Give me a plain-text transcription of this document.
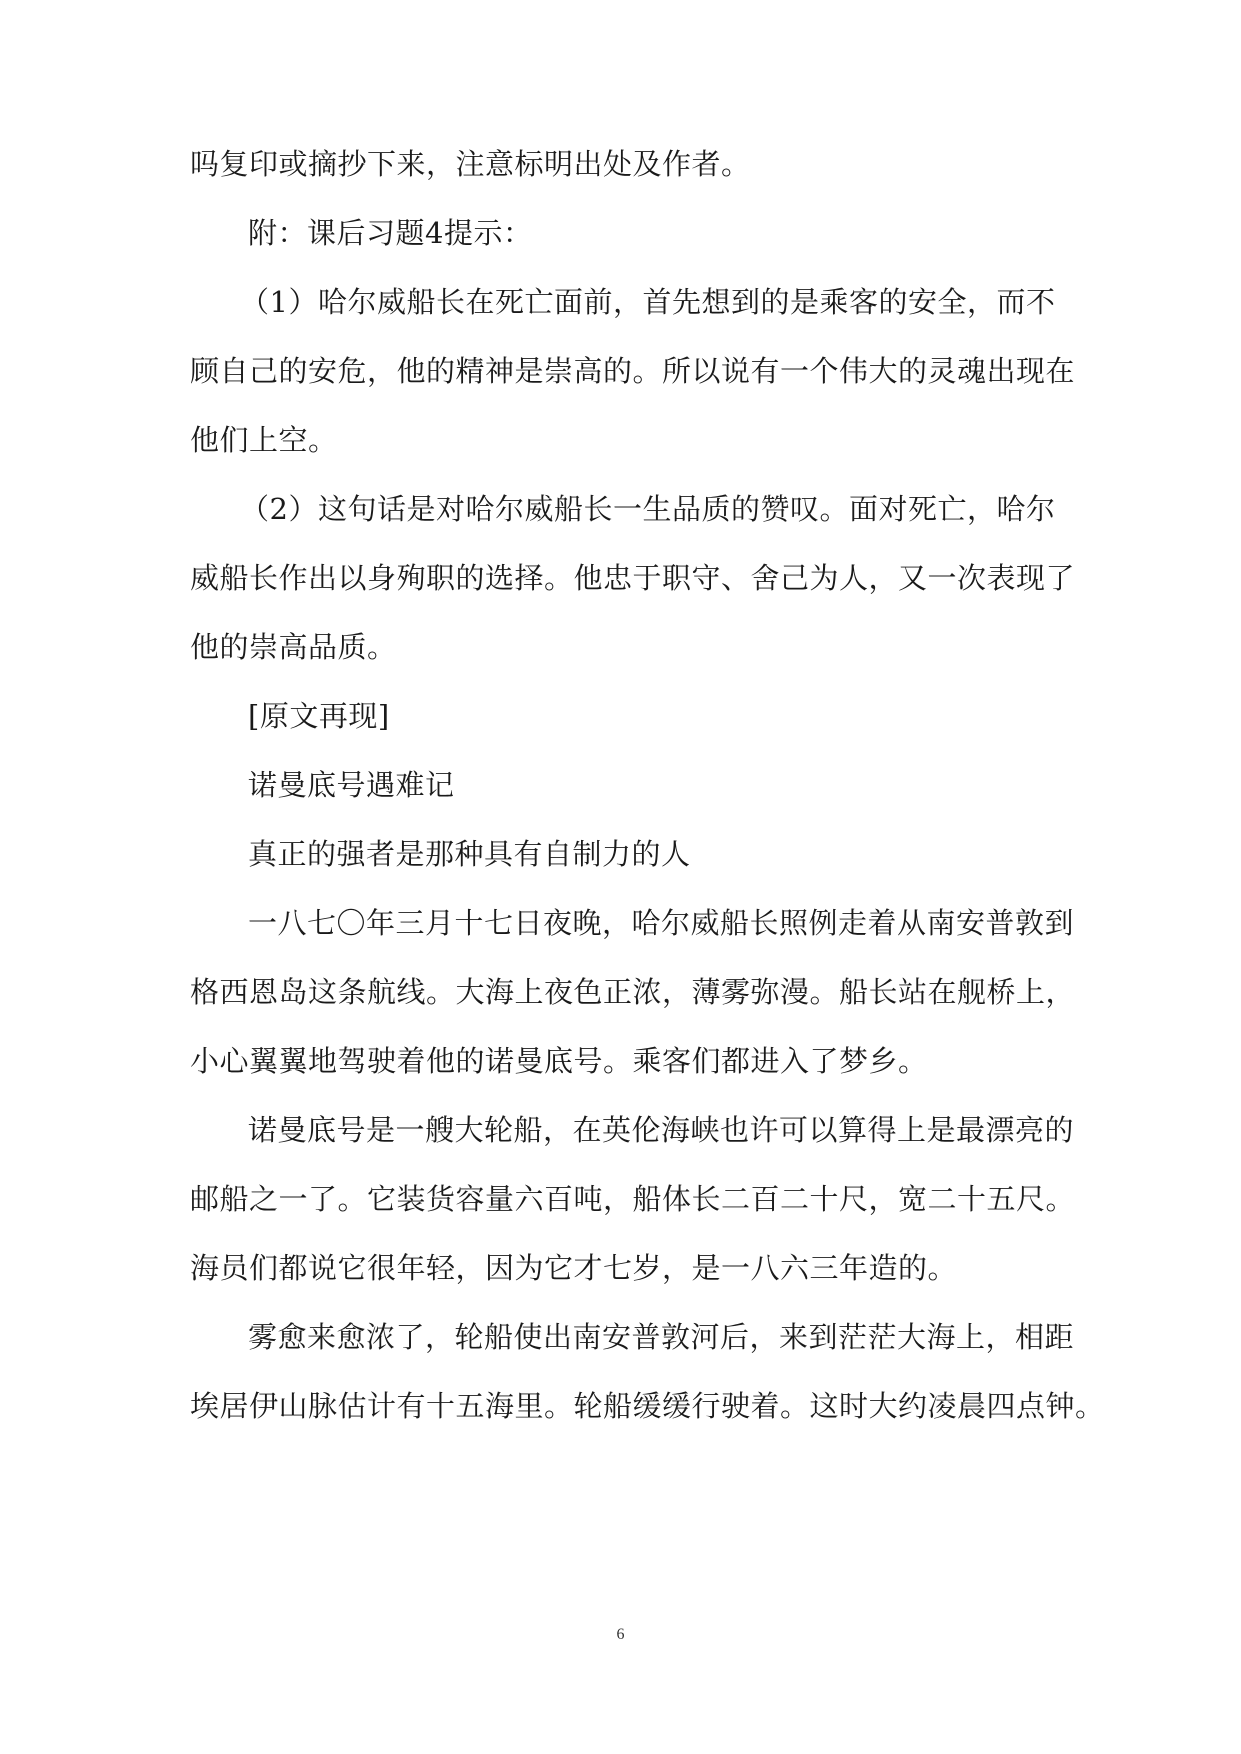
吗复印或摘抄下来，注意标明出处及作者。
附：课后习题4提示：
（1）哈尔威船长在死亡面前，首先想到的是乘客的安全，而不
顾自己的安危，他的精神是崇高的。所以说有一个伟大的灵魂出现在
他们上空。
（2）这句话是对哈尔威船长一生品质的赞叹。面对死亡，哈尔
威船长作出以身殉职的选择。他忠于职守、舍己为人，又一次表现了
他的崇高品质。
[原文再现]
诺曼底号遇难记
真正的强者是那种具有自制力的人
一八七〇年三月十七日夜晚，哈尔威船长照例走着从南安普敦到
格西恩岛这条航线。大海上夜色正浓，薄雾弥漫。船长站在舰桥上，
小心翼翼地驾驶着他的诺曼底号。乘客们都进入了梦乡。
诺曼底号是一艘大轮船，在英伦海峡也许可以算得上是最漂亮的
邮船之一了。它装货容量六百吨，船体长二百二十尺，宽二十五尺。
海员们都说它很年轻，因为它才七岁，是一八六三年造的。
雾愈来愈浓了，轮船使出南安普敦河后，来到茫茫大海上，相距
埃居伊山脉估计有十五海里。轮船缓缓行驶着。这时大约凌晨四点钟。
6
